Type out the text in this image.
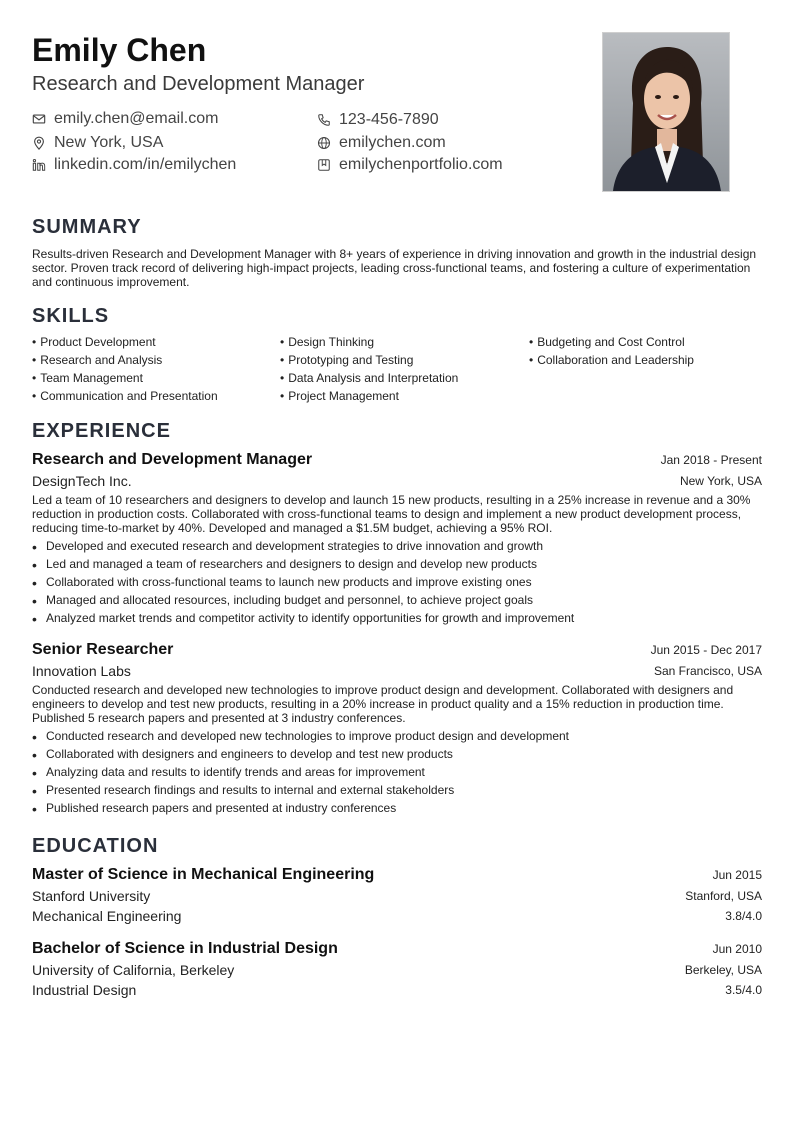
Emily Chen
Research and Development Manager
emily.chen@email.com	123-456-7890
New York, USA	emilychen.com
linkedin.com/in/emilychen	emilychenportfolio.com
SUMMARY
Results-driven Research and Development Manager with 8+ years of experience in driving innovation and growth in the industrial design sector. Proven track record of delivering high-impact projects, leading cross-functional teams, and fostering a culture of experimentation and continuous improvement.
SKILLS
• Product Development	• Design Thinking	• Budgeting and Cost Control
• Research and Analysis	• Prototyping and Testing	• Collaboration and Leadership
• Team Management	• Data Analysis and Interpretation
• Communication and Presentation	• Project Management
EXPERIENCE
Research and Development Manager	Jan 2018 - Present
DesignTech Inc.	New York, USA
Led a team of 10 researchers and designers to develop and launch 15 new products, resulting in a 25% increase in revenue and a 30% reduction in production costs. Collaborated with cross-functional teams to design and implement a new product development process, reducing time-to-market by 40%. Developed and managed a $1.5M budget, achieving a 95% ROI.
• Developed and executed research and development strategies to drive innovation and growth
• Led and managed a team of researchers and designers to design and develop new products
• Collaborated with cross-functional teams to launch new products and improve existing ones
• Managed and allocated resources, including budget and personnel, to achieve project goals
• Analyzed market trends and competitor activity to identify opportunities for growth and improvement
Senior Researcher	Jun 2015 - Dec 2017
Innovation Labs	San Francisco, USA
Conducted research and developed new technologies to improve product design and development. Collaborated with designers and engineers to develop and test new products, resulting in a 20% increase in product quality and a 15% reduction in production time. Published 5 research papers and presented at 3 industry conferences.
• Conducted research and developed new technologies to improve product design and development
• Collaborated with designers and engineers to develop and test new products
• Analyzing data and results to identify trends and areas for improvement
• Presented research findings and results to internal and external stakeholders
• Published research papers and presented at industry conferences
EDUCATION
Master of Science in Mechanical Engineering	Jun 2015
Stanford University	Stanford, USA
Mechanical Engineering	3.8/4.0
Bachelor of Science in Industrial Design	Jun 2010
University of California, Berkeley	Berkeley, USA
Industrial Design	3.5/4.0
